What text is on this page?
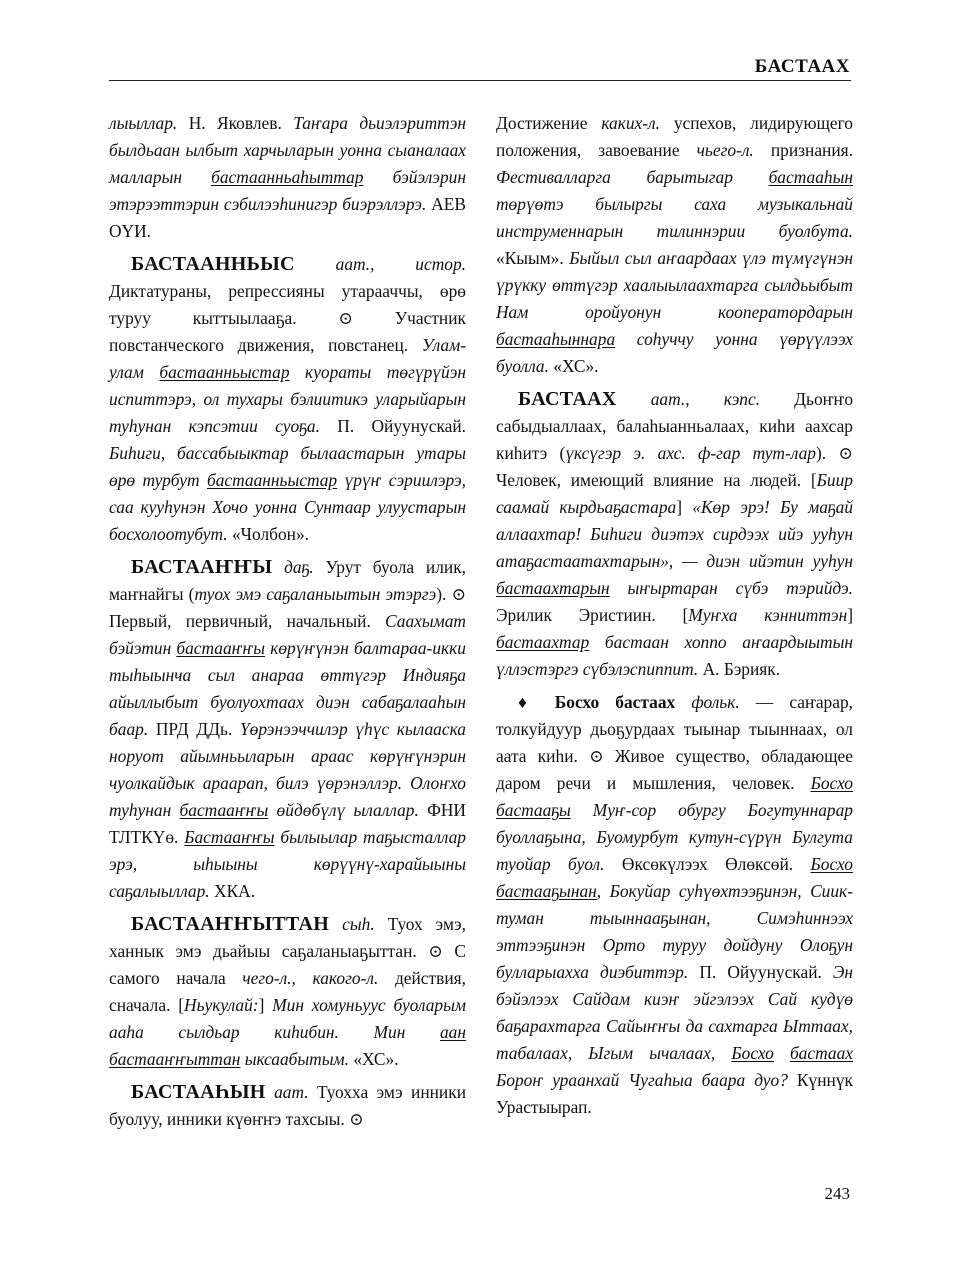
БАСТААХ

лыыллар. Н. Яковлев. Таҥара дьиэлэриттэн былдьаан ылбыт харчыларын уонна сыаналаах малларын бастаанньаһыттар бэйэлэрин этэрээттэрин сэбилээһинигэр биэрэллэрэ. АЕВ ОҮИ.

БАСТААННЬЫС аат., истор. Диктатураны, репрессияны утарааччы, өрө туруу кыттыылааҕа. ⊙ Участник повстанческого движения, повстанец. Улам-улам бастаанньыстар куораты төгүрүйэн испиттэрэ, ол тухары бэлиитикэ уларыйарын туһунан кэпсэтии суоҕа. П. Ойуунускай. Биһиги, бассабыыктар былаастарын утары өрө турбут бастаанньыстар үрүҥ сэриилэрэ, саа кууһунэн Хочо уонна Сунтаар улуустарын босхолоотубут. «Чолбон».

БАСТААҤҤЫ даҕ. Урут буола илик, маҥнайгы (туох эмэ саҕаланыытын этэргэ). ⊙ Первый, первичный, начальный. Саахымат бэйэтин бастааҥҥы көрүҥүнэн балтараа-икки тыһыынча сыл анараа өттүгэр Индияҕа айыллыбыт буолуохтаах диэн сабаҕалааһын баар. ПРД ДДь. Үөрэнээччилэр үһүс кылааска норуот айымньыларын араас көрүҥүнэрин чуолкайдык араараn, билэ үөрэнэллэр. Олоҥхо туһунан бастааҥҥы өйдөбүлү ылаллар. ФНИ ТЛТКҮө. Бастааҥҥы былыылар таҕысталлар эрэ, ыһыыны көрүүнү-харайыыны саҕалыыллар. ХКА.

БАСТААҤҤЫТТАН сыһ. Туох эмэ, ханнык эмэ дьайыы саҕаланыаҕыттан. ⊙ С самого начала чего-л., какого-л. действия, сначала. [Ньукулай:] Мин хомуньуус буоларым ааһа сылдьар киһибин. Мин аан бастааҥҥыттан ыксаабытым. «ХС».

БАСТААҺЫН аат. Туохха эмэ инники буолуу, инники күөҥҥэ тахсыы. ⊙

Достижение каких-л. успехов, лидирующего положения, завоевание чьего-л. признания. Фестивалларга барытыгар бастааһын төрүөтэ былыргы саха музыкальнай инструменнарын тилиннэрии буолбута. «Кыым». Быйыл сыл аҥаардаах үлэ түмүгүнэн үрүкку өттүгэр хаалыылаахтарга сылдьыбыт Нам оройуонун кооператордарын бастааһыннара соһуччу уонна үөрүүлээх буолла. «ХС».

БАСТААХ аат., кэпс. Дьоҥҥо сабыдыаллаах, балаһыанньалаах, киһи аахсар киһитэ (үксүгэр э. ахс. ф-гар тут-лар). ⊙ Человек, имеющий влияние на людей. [Биир саамай кырдьаҕастара] «Көр эрэ! Бу маҕай аллаахтар! Биһиги диэтэх сирдээх ийэ ууһун атаҕастаатахтарын», — диэн ийэтин ууһун бастаахтарын ыҥыртаран сүбэ тэрийдэ. Эрилик Эристиин. [Муҥха кэнниттэн] бастаахтар бастаан хоппо аҥаардыытын үллэстэргэ сүбэлэспиппит. А. Бэрияк.

♦ Босхо бастаах фольк. — саҥарар, толкуйдуур дьоҕурдаах тыынар тыыннаах, ол аата киһи. ⊙ Живое существо, обладающее даром речи и мышления, человек. Босхо бастааҕы Муҥ-сор обургу Богутуннарар буоллаҕына, Буомурбут кутун-сүрүн Булгута туойар буол. Өксөкүлээх Өлөксөй. Босхо бастааҕынан, Бокуйар суһүөхтээҕинэн, Сиик-туман тыыннааҕынан, Симэһиннээх эттээҕинэн Орто туруу дойдуну Олоҕун булларыахха диэбиттэр. П. Ойуунускай. Эн бэйэлээх Сайдам киэҥ эйгэлээх Сай кудүө баҕарахтарга Сайыҥҥы да сахтарга Ыттаах, табалаах, Ыгым ычалаах, Босхо бастаах Бороҥ ураанхай Чугаһыа баара дуо? Күннүк Урастыырап.

243
